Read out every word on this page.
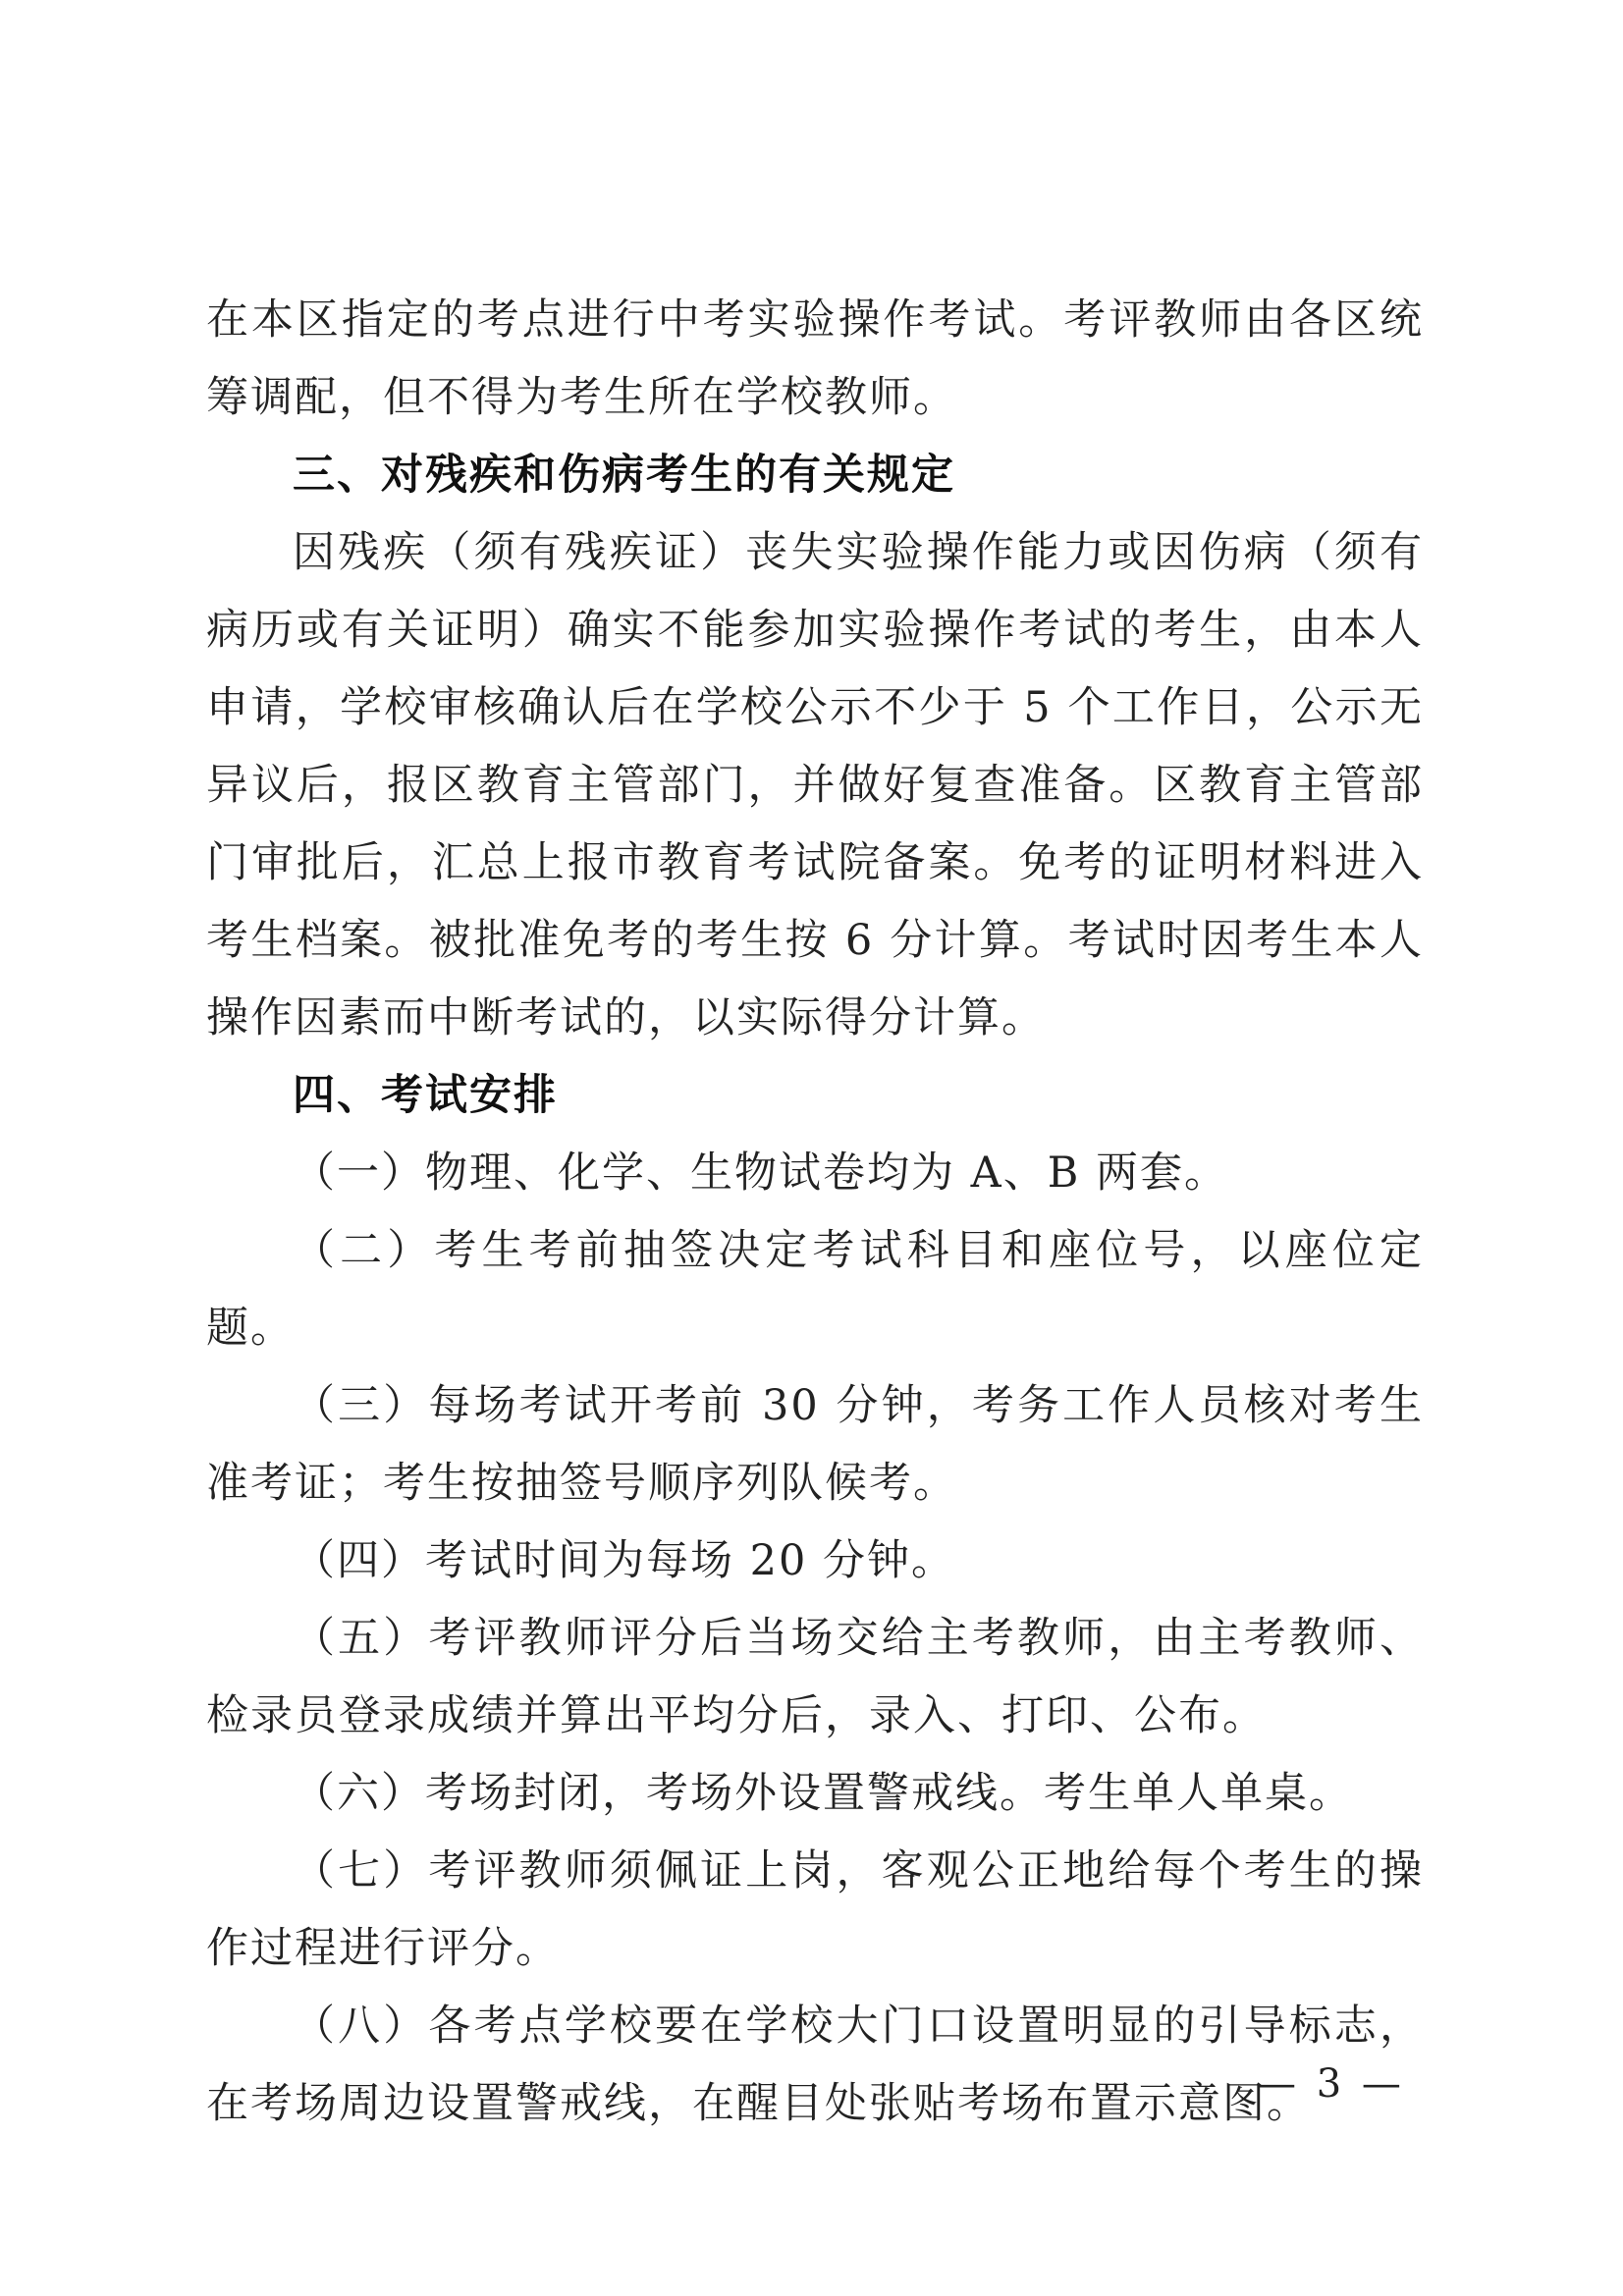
在本区指定的考点进行中考实验操作考试。考评教师由各区统筹调配，但不得为考生所在学校教师。

三、对残疾和伤病考生的有关规定

因残疾（须有残疾证）丧失实验操作能力或因伤病（须有病历或有关证明）确实不能参加实验操作考试的考生，由本人申请，学校审核确认后在学校公示不少于 5 个工作日，公示无异议后，报区教育主管部门，并做好复查准备。区教育主管部门审批后，汇总上报市教育考试院备案。免考的证明材料进入考生档案。被批准免考的考生按 6 分计算。考试时因考生本人操作因素而中断考试的，以实际得分计算。

四、考试安排

（一）物理、化学、生物试卷均为 A、B 两套。

（二）考生考前抽签决定考试科目和座位号，以座位定题。

（三）每场考试开考前 30 分钟，考务工作人员核对考生准考证；考生按抽签号顺序列队候考。

（四）考试时间为每场 20 分钟。

（五）考评教师评分后当场交给主考教师，由主考教师、检录员登录成绩并算出平均分后，录入、打印、公布。

（六）考场封闭，考场外设置警戒线。考生单人单桌。

（七）考评教师须佩证上岗，客观公正地给每个考生的操作过程进行评分。

（八）各考点学校要在学校大门口设置明显的引导标志，在考场周边设置警戒线，在醒目处张贴考场布置示意图。

— 3 —
